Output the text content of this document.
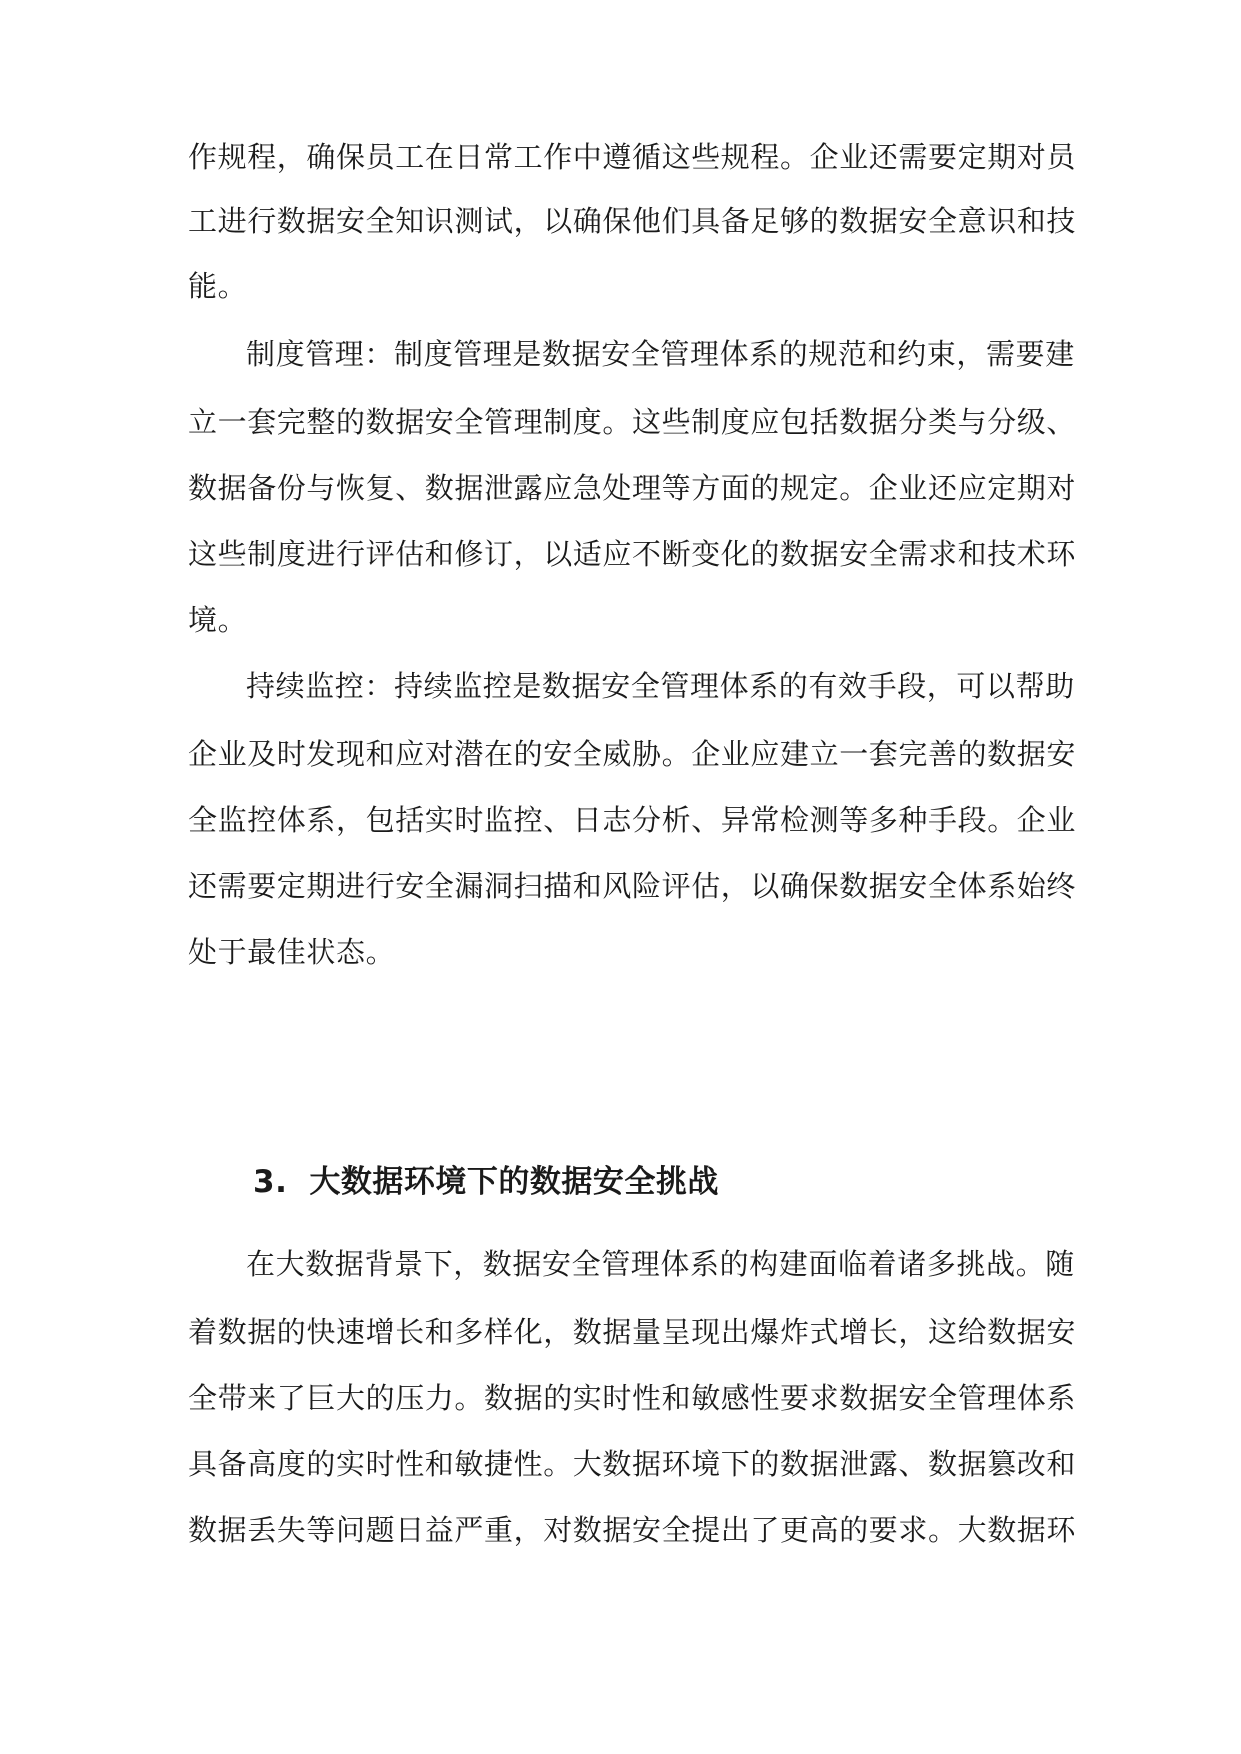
作规程，确保员工在日常工作中遵循这些规程。企业还需要定期对员
工进行数据安全知识测试，以确保他们具备足够的数据安全意识和技
能。
制度管理：制度管理是数据安全管理体系的规范和约束，需要建
立一套完整的数据安全管理制度。这些制度应包括数据分类与分级、
数据备份与恢复、数据泄露应急处理等方面的规定。企业还应定期对
这些制度进行评估和修订，以适应不断变化的数据安全需求和技术环
境。
持续监控：持续监控是数据安全管理体系的有效手段，可以帮助
企业及时发现和应对潜在的安全威胁。企业应建立一套完善的数据安
全监控体系，包括实时监控、日志分析、异常检测等多种手段。企业
还需要定期进行安全漏洞扫描和风险评估，以确保数据安全体系始终
处于最佳状态。
3. 大数据环境下的数据安全挑战
在大数据背景下，数据安全管理体系的构建面临着诸多挑战。随
着数据的快速增长和多样化，数据量呈现出爆炸式增长，这给数据安
全带来了巨大的压力。数据的实时性和敏感性要求数据安全管理体系
具备高度的实时性和敏捷性。大数据环境下的数据泄露、数据篡改和
数据丢失等问题日益严重，对数据安全提出了更高的要求。大数据环
